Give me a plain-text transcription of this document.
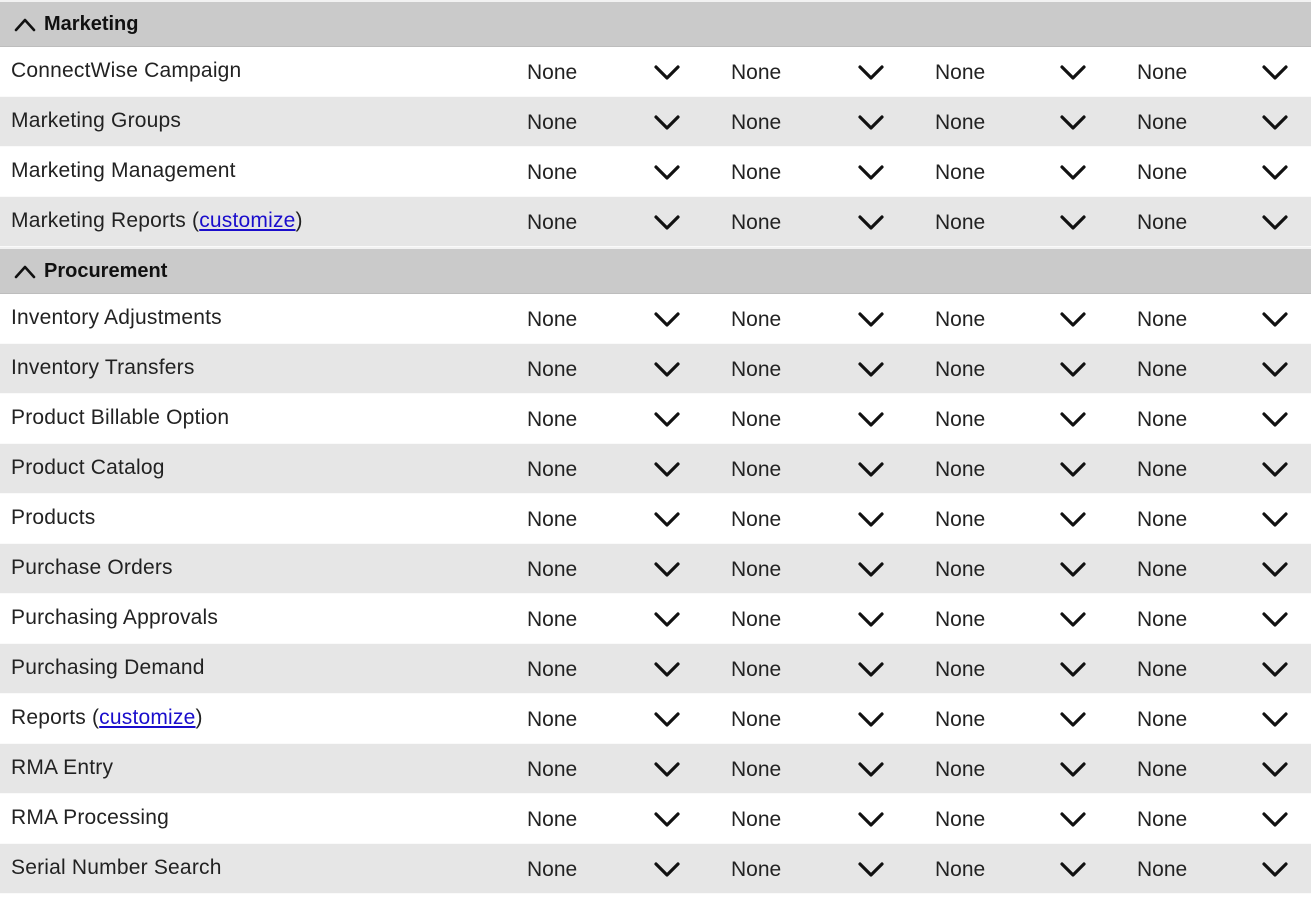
Marketing
ConnectWise Campaign	None	None	None	None
Marketing Groups	None	None	None	None
Marketing Management	None	None	None	None
Marketing Reports (customize)	None	None	None	None
Procurement
Inventory Adjustments	None	None	None	None
Inventory Transfers	None	None	None	None
Product Billable Option	None	None	None	None
Product Catalog	None	None	None	None
Products	None	None	None	None
Purchase Orders	None	None	None	None
Purchasing Approvals	None	None	None	None
Purchasing Demand	None	None	None	None
Reports (customize)	None	None	None	None
RMA Entry	None	None	None	None
RMA Processing	None	None	None	None
Serial Number Search	None	None	None	None
